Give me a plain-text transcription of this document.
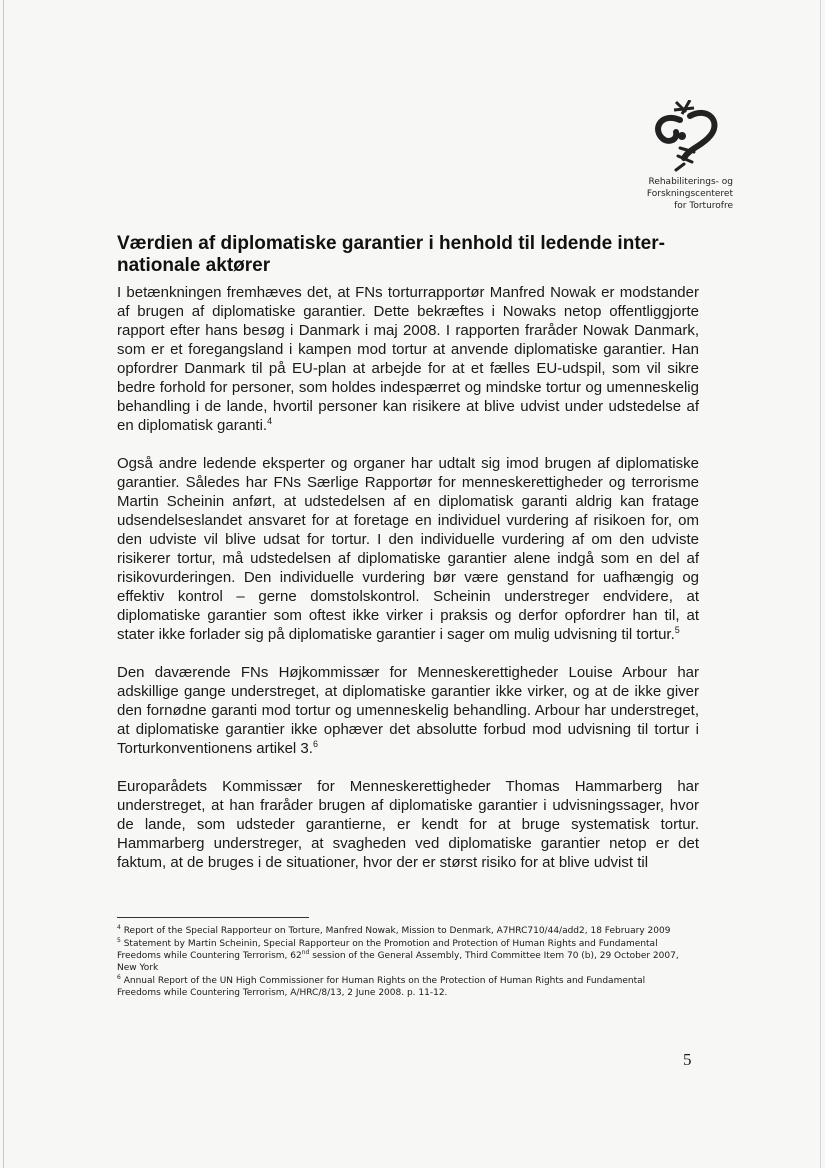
Rehabiliterings- og
Forskningscenteret
for Torturofre
Værdien af diplomatiske garantier i henhold til ledende inter-
nationale aktører

I betænkningen fremhæves det, at FNs torturrapportør Manfred Nowak er modstander af brugen af diplomatiske garantier. Dette bekræftes i Nowaks netop offentliggjorte rapport efter hans besøg i Danmark i maj 2008. I rapporten fraråder Nowak Danmark, som er et foregangsland i kampen mod tortur at anvende diplomatiske garantier. Han opfordrer Danmark til på EU-plan at arbejde for at et fælles EU-udspil, som vil sikre bedre forhold for personer, som holdes indespærret og mindske tortur og umenneskelig behandling i de lande, hvortil personer kan risikere at blive udvist under udstedelse af en diplomatisk garanti.$^4$

Også andre ledende eksperter og organer har udtalt sig imod brugen af diplomatiske garantier. Således har FNs Særlige Rapportør for menneskerettigheder og terrorisme Martin Scheinin anført, at udstedelsen af en diplomatisk garanti aldrig kan fratage udsendelseslandet ansvaret for at foretage en individuel vurdering af risikoen for, om den udviste vil blive udsat for tortur. I den individuelle vurdering af om den udviste risikerer tortur, må udstedelsen af diplomatiske garantier alene indgå som en del af risikovurderingen. Den individuelle vurdering bør være genstand for uafhængig og effektiv kontrol – gerne domstolskontrol. Scheinin understreger endvidere, at diplomatiske garantier som oftest ikke virker i praksis og derfor opfordrer han til, at stater ikke forlader sig på diplomatiske garantier i sager om mulig udvisning til tortur.$^5$

Den daværende FNs Højkommissær for Menneskerettigheder Louise Arbour har adskillige gange understreget, at diplomatiske garantier ikke virker, og at de ikke giver den fornødne garanti mod tortur og umenneskelig behandling. Arbour har understreget, at diplomatiske garantier ikke ophæver det absolutte forbud mod udvisning til tortur i Torturkonventionens artikel 3.$^6$

Europarådets Kommissær for Menneskerettigheder Thomas Hammarberg har understreget, at han fraråder brugen af diplomatiske garantier i udvisningssager, hvor de lande, som udsteder garantierne, er kendt for at bruge systematisk tortur. Hammarberg understreger, at svagheden ved diplomatiske garantier netop er det faktum, at de bruges i de situationer, hvor der er størst risiko for at blive udvist til

$^4$ Report of the Special Rapporteur on Torture, Manfred Nowak, Mission to Denmark, A7HRC710/44/add2, 18 February 2009
$^5$ Statement by Martin Scheinin, Special Rapporteur on the Promotion and Protection of Human Rights and Fundamental Freedoms while Countering Terrorism, 62nd session of the General Assembly, Third Committee Item 70 (b), 29 October 2007, New York
$^6$ Annual Report of the UN High Commissioner for Human Rights on the Protection of Human Rights and Fundamental Freedoms while Countering Terrorism, A/HRC/8/13, 2 June 2008. p. 11-12.
5
